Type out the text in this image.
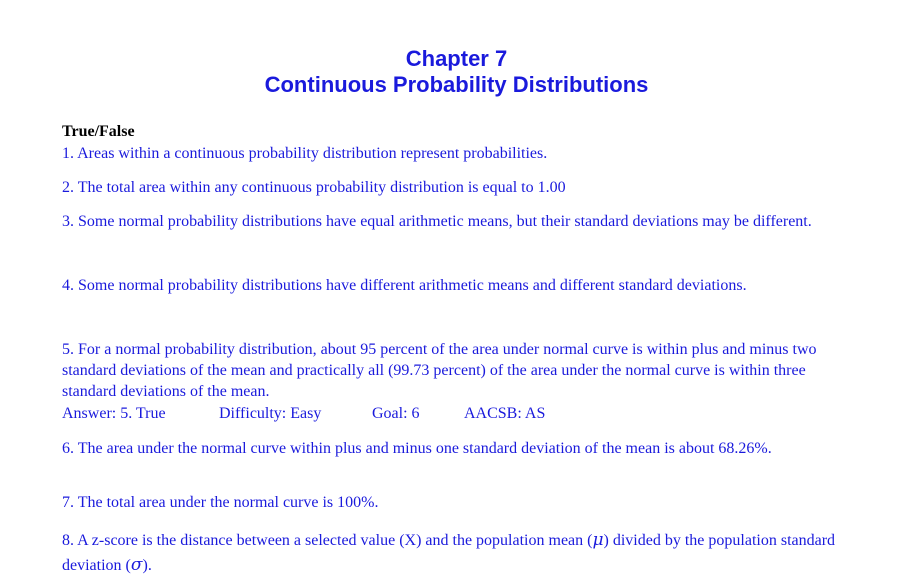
Chapter 7
Continuous Probability Distributions
True/False
1. Areas within a continuous probability distribution represent probabilities.
2. The total area within any continuous probability distribution is equal to 1.00
3. Some normal probability distributions have equal arithmetic means, but their standard deviations may be different.
4. Some normal probability distributions have different arithmetic means and different standard deviations.
5. For a normal probability distribution, about 95 percent of the area under normal curve is within plus and minus two standard deviations of the mean and practically all (99.73 percent) of the area under the normal curve is within three standard deviations of the mean.
Answer: 5. True	Difficulty: Easy	Goal: 6	AACSB: AS
6. The area under the normal curve within plus and minus one standard deviation of the mean is about 68.26%.
7. The total area under the normal curve is 100%.
8. A z-score is the distance between a selected value (X) and the population mean (μ) divided by the population standard deviation (σ).
